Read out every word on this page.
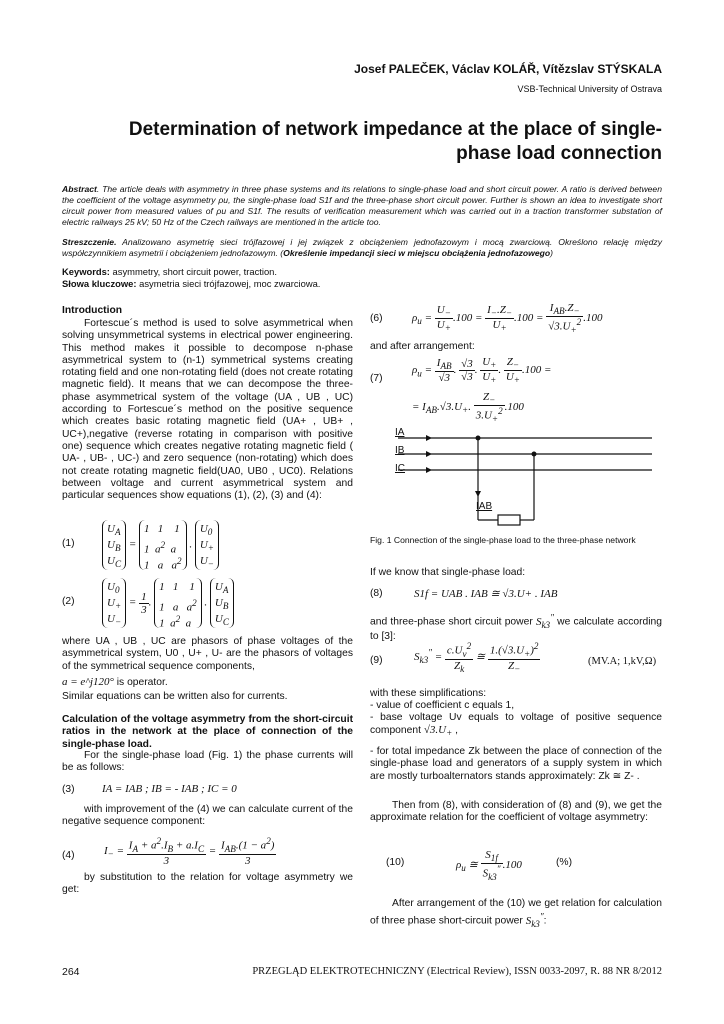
Josef PALEČEK, Václav KOLÁŘ, Vítězslav STÝSKALA
VSB-Technical University of Ostrava
Determination of network impedance at the place of single-phase load connection
Abstract. The article deals with asymmetry in three phase systems and its relations to single-phase load and short circuit power. A ratio is derived between the coefficient of the voltage asymmetry ρu, the single-phase load S1f and the three-phase short circuit power. Further is shown an idea to investigate short circuit power from measured values of ρu and S1f. The results of verification measurement which was carried out in a traction transformer substation of electric railways 25 kV; 50 Hz of the Czech railways are mentioned in the article too.
Streszczenie. Analizowano asymetrię sieci trójfazowej i jej związek z obciążeniem jednofazowym i mocą zwarciową. Określono relację między współczynnikiem asymetrii i obciążeniem jednofazowym. (Określenie impedancji sieci w miejscu obciążenia jednofazowego)
Keywords: asymmetry, short circuit power, traction.
Słowa kluczowe: asymetria sieci trójfazowej, moc zwarciowa.
Introduction
Fortescue´s method is used to solve asymmetrical when solving unsymmetrical systems in electrical power engineering. This method makes it possible to decompose n-phase asymmetrical system to (n-1) symmetrical systems creating rotating field and one non-rotating field (does not create rotating magnetic field). It means that we can decompose the three-phase asymmetrical system of the voltage (UA , UB , UC) according to Fortescue´s method on the positive sequence which creates basic rotating magnetic field (UA+ , UB+ , UC+),negative (reverse rotating in comparison with positive one) sequence which creates negative rotating magnetic field ( UA- , UB- , UC-) and zero sequence (non-rotating) which does not create rotating magnetic field(UA0, UB0 , UC0). Relations between voltage and current asymmetrical system and particular sequences show equations (1), (2), (3) and (4):
(1)
$U_A$
$U_B$
$U_C$
=
1   1    1
1  $a^2$  a
1   a   $a^2$
.
$U_0$
$U_+$
$U_-$
(2)
$U_0$
$U_+$
$U_-$
= $\frac{1}{3}$ .
1   1    1
1   a   $a^2$
1  $a^2$  a
.
$U_A$
$U_B$
$U_C$
where UA , UB , UC are phasors of phase voltages of the asymmetrical system, U0 , U+ , U- are the phasors of voltages of the symmetrical sequence components,
a = e^j120° is operator.
Similar equations can be written also for currents.
Calculation of the voltage asymmetry from the short-circuit ratios in the network at the place of connection of the single-phase load.
For the single-phase load (Fig. 1) the phase currents will be as follows:
(3) IA = IAB ; IB = - IAB ; IC = 0
with improvement of the (4) we can calculate current of the negative sequence component:
(4)	$I_- = \frac{I_A + a^2.I_B + a.I_C}{3} = \frac{I_{AB}.(1 - a^2)}{3}$
by substitution to the relation for voltage asymmetry we get:
(6)	$\rho_u = \frac{U_-}{U_+} .100 = \frac{I_-.Z_-}{U_+} .100 = \frac{I_{AB}.Z_-}{√3.U_+^2} .100$
and after arrangement:
(7)
$\rho_u = \frac{I_{AB}}{√3}$ . $\frac{√3}{√3}$ . $\frac{U_+}{U_+}$ . $\frac{Z_-}{U_+} .100$ =
= $I_{AB}.√3.U_+$. $\frac{Z_-}{3.U_+^2} .100$
IA
IB
IC
IAB
Fig. 1 Connection of the single-phase load to the three-phase network
If we know that single-phase load:
(8)	S1f = UAB . IAB ≅ √3.U+ . IAB
and three-phase short circuit power $S_{k3}''$ we calculate according to [3]:
(9)	$S_{k3}'' = \frac{c.U_v^2}{Z_k}$ ≅ $\frac{1.(√3.U_+)^2}{Z_-}$	(MV.A; 1,kV,Ω)
with these simplifications:
- value of coefficient c equals 1,
- base voltage Uv equals to voltage of positive sequence component $√3.U_+$ ,
- for total impedance Zk between the place of connection of the single-phase load and generators of a supply system in which are mostly turboalternators stands approximately: Zk ≅ Z- .
Then from (8), with consideration of (8) and (9), we get the approximate relation for the coefficient of voltage asymmetry:
(10)	$\rho_u$ ≅ $\frac{S_{1f}}{S_{k3}''} .100$	(%)
After arrangement of the (10) we get relation for calculation of three phase short-circuit power $S_{k3}''$:
264	PRZEGLĄD ELEKTROTECHNICZNY (Electrical Review), ISSN 0033-2097, R. 88 NR 8/2012
